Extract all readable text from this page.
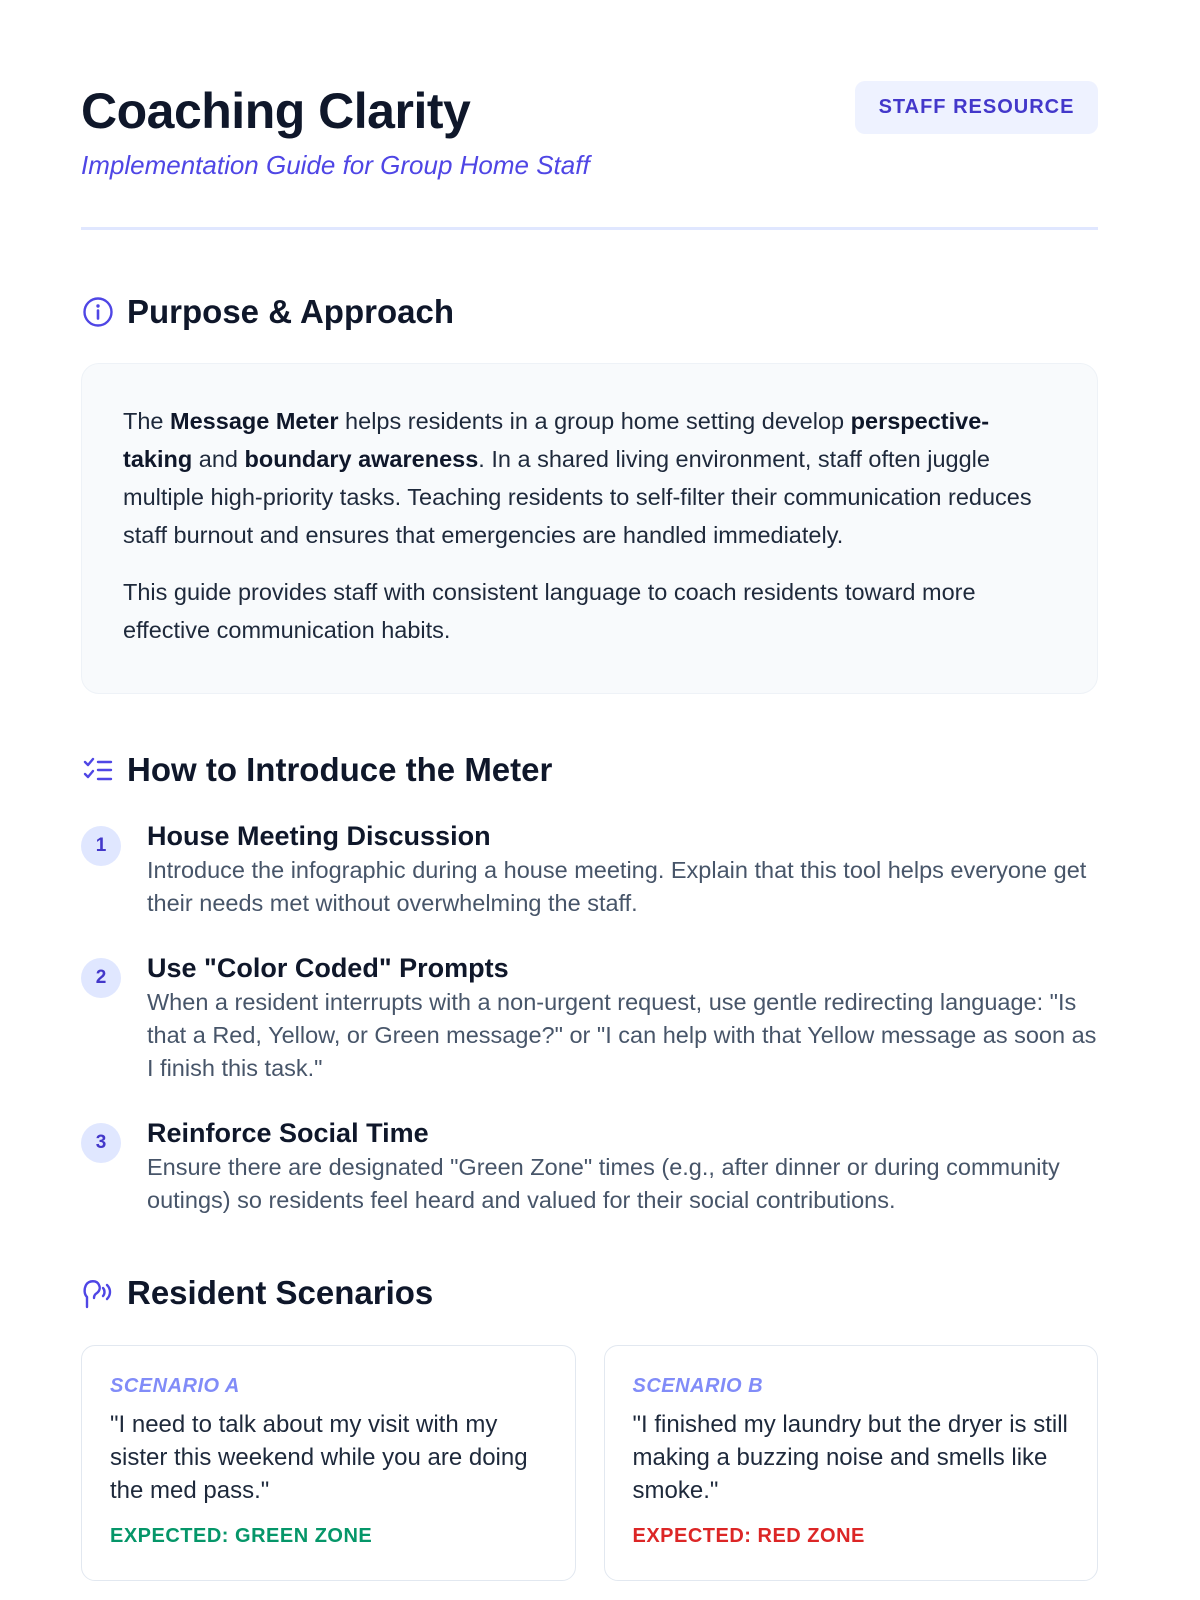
Coaching Clarity
Implementation Guide for Group Home Staff
STAFF RESOURCE
Purpose & Approach

The Message Meter helps residents in a group home setting develop perspective-taking and boundary awareness. In a shared living environment, staff often juggle multiple high-priority tasks. Teaching residents to self-filter their communication reduces staff burnout and ensures that emergencies are handled immediately.

This guide provides staff with consistent language to coach residents toward more effective communication habits.

How to Introduce the Meter
1	House Meeting Discussion

Introduce the infographic during a house meeting. Explain that this tool helps everyone get their needs met without overwhelming the staff.

2	Use "Color Coded" Prompts

When a resident interrupts with a non-urgent request, use gentle redirecting language: "Is that a Red, Yellow, or Green message?" or "I can help with that Yellow message as soon as I finish this task."

3	Reinforce Social Time

Ensure there are designated "Green Zone" times (e.g., after dinner or during community outings) so residents feel heard and valued for their social contributions.

Resident Scenarios
SCENARIO A
"I need to talk about my visit with my sister this weekend while you are doing the med pass."
EXPECTED: GREEN ZONE
SCENARIO B
"I finished my laundry but the dryer is still making a buzzing noise and smells like smoke."
EXPECTED: RED ZONE
